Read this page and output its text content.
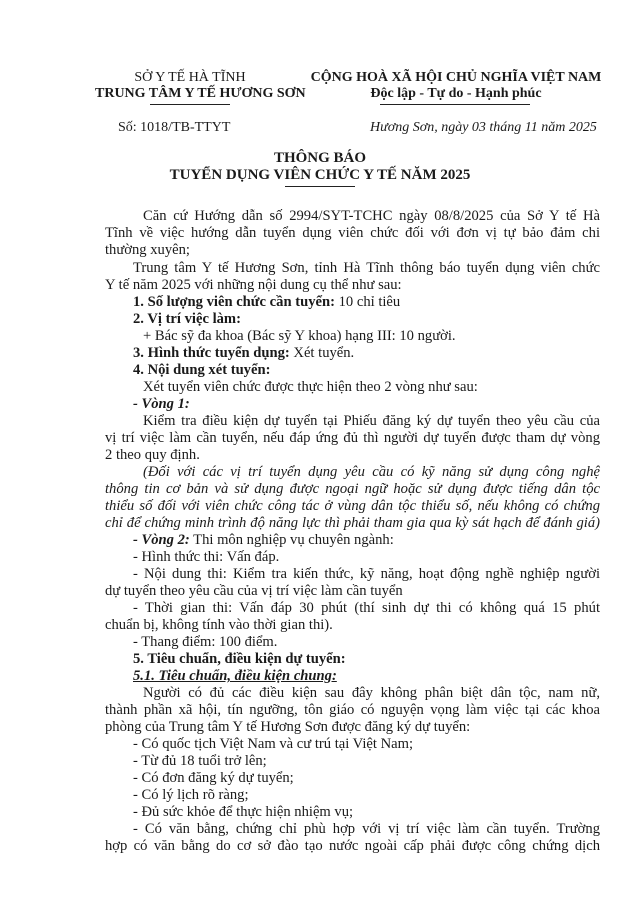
SỞ Y TẾ HÀ TĨNH
TRUNG TÂM Y TẾ HƯƠNG SƠN
Số: 1018/TB-TTYT
CỘNG HOÀ XÃ HỘI CHỦ NGHĨA VIỆT NAM
Độc lập - Tự do - Hạnh phúc
Hương Sơn, ngày 03 tháng 11 năm 2025
THÔNG BÁO
TUYỂN DỤNG VIÊN CHỨC Y TẾ NĂM 2025
Căn cứ Hướng dẫn số 2994/SYT-TCHC ngày 08/8/2025 của Sở Y tế Hà
Tĩnh về việc hướng dẫn tuyển dụng viên chức đối với đơn vị tự bảo đảm chi
thường xuyên;
Trung tâm Y tế Hương Sơn, tỉnh Hà Tĩnh thông báo tuyển dụng viên chức
Y tế năm 2025 với những nội dung cụ thể như sau:
1. Số lượng viên chức cần tuyển: 10 chỉ tiêu
2. Vị trí việc làm:
+ Bác sỹ đa khoa (Bác sỹ Y khoa) hạng III: 10 người.
3. Hình thức tuyển dụng: Xét tuyển.
4. Nội dung xét tuyển:
Xét tuyển viên chức được thực hiện theo 2 vòng như sau:
- Vòng 1:
Kiểm tra điều kiện dự tuyển tại Phiếu đăng ký dự tuyển theo yêu cầu của
vị trí việc làm cần tuyển, nếu đáp ứng đủ thì người dự tuyển được tham dự vòng
2 theo quy định.
(Đối với các vị trí tuyển dụng yêu cầu có kỹ năng sử dụng công nghệ
thông tin cơ bản và sử dụng được ngoại ngữ hoặc sử dụng được tiếng dân tộc
thiểu số đối với viên chức công tác ở vùng dân tộc thiểu số, nếu không có chứng
chỉ để chứng minh trình độ năng lực thì phải tham gia qua kỳ sát hạch để đánh giá)
- Vòng 2: Thi môn nghiệp vụ chuyên ngành:
- Hình thức thi: Vấn đáp.
- Nội dung thi: Kiểm tra kiến thức, kỹ năng, hoạt động nghề nghiệp người
dự tuyển theo yêu cầu của vị trí việc làm cần tuyển
- Thời gian thi: Vấn đáp 30 phút (thí sinh dự thi có không quá 15 phút
chuẩn bị, không tính vào thời gian thi).
- Thang điểm: 100 điểm.
5. Tiêu chuẩn, điều kiện dự tuyển:
5.1. Tiêu chuẩn, điều kiện chung:
Người có đủ các điều kiện sau đây không phân biệt dân tộc, nam nữ,
thành phần xã hội, tín ngưỡng, tôn giáo có nguyện vọng làm việc tại các khoa
phòng của Trung tâm Y tế Hương Sơn được đăng ký dự tuyển:
- Có quốc tịch Việt Nam và cư trú tại Việt Nam;
- Từ đủ 18 tuổi trở lên;
- Có đơn đăng ký dự tuyển;
- Có lý lịch rõ ràng;
- Đủ sức khỏe để thực hiện nhiệm vụ;
- Có văn bằng, chứng chỉ phù hợp với vị trí việc làm cần tuyển. Trường
hợp có văn bằng do cơ sở đào tạo nước ngoài cấp phải được công chứng dịch
